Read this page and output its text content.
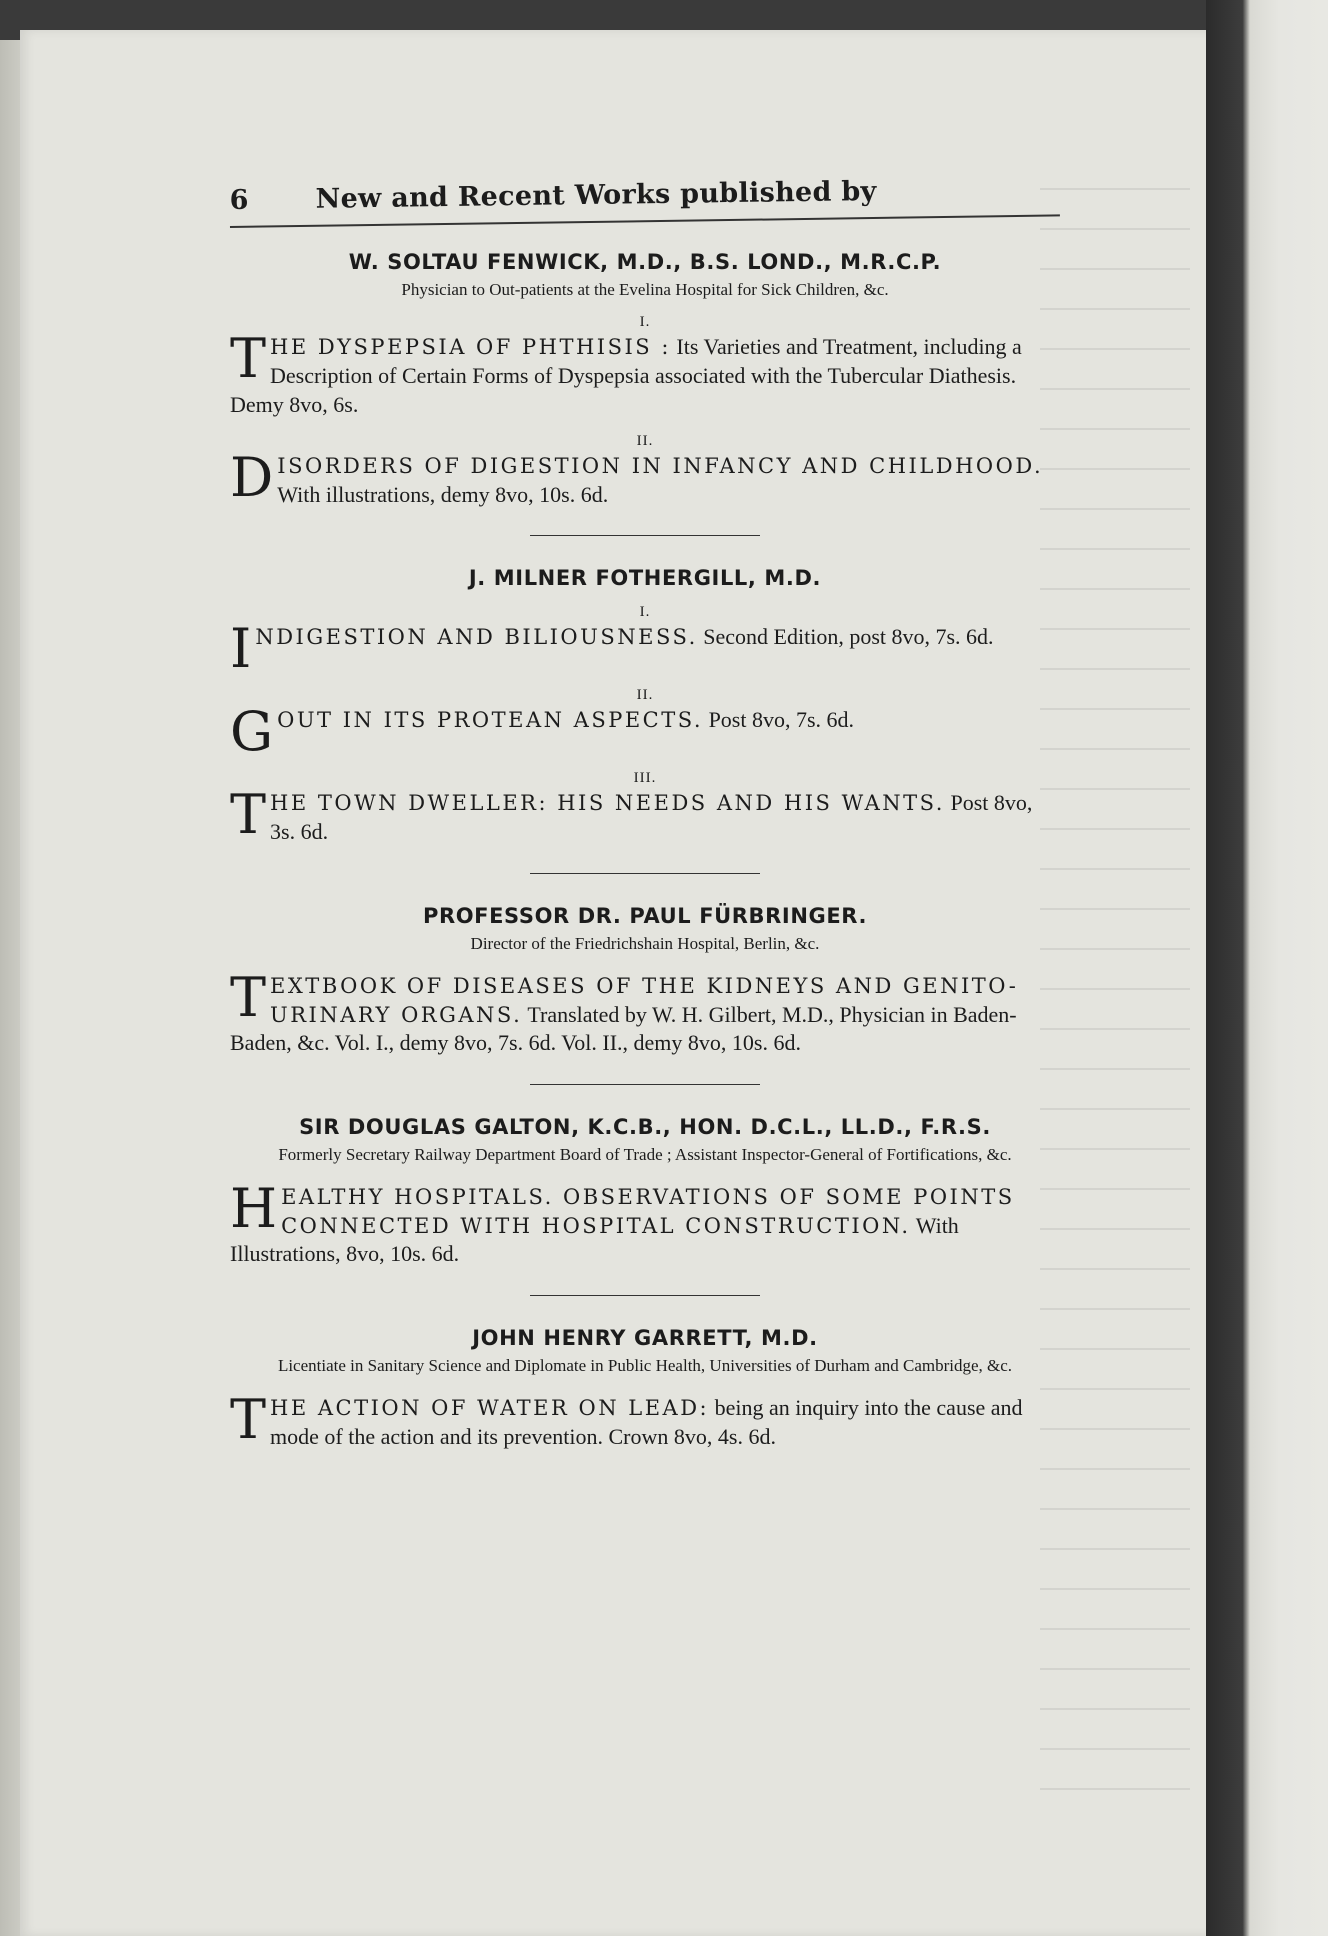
6	New and Recent Works published by
W. SOLTAU FENWICK, M.D., B.S. LOND., M.R.C.P.
Physician to Out-patients at the Evelina Hospital for Sick Children, &c.
I.
THE DYSPEPSIA OF PHTHISIS : Its Varieties and Treatment, including a Description of Certain Forms of Dyspepsia associated with the Tubercular Diathesis. Demy 8vo, 6s.
II.
DISORDERS OF DIGESTION IN INFANCY AND CHILDHOOD. With illustrations, demy 8vo, 10s. 6d.
J. MILNER FOTHERGILL, M.D.
I.
INDIGESTION AND BILIOUSNESS. Second Edition, post 8vo, 7s. 6d.
II.
GOUT IN ITS PROTEAN ASPECTS. Post 8vo, 7s. 6d.
III.
THE TOWN DWELLER: HIS NEEDS AND HIS WANTS. Post 8vo, 3s. 6d.
PROFESSOR DR. PAUL FÜRBRINGER.
Director of the Friedrichshain Hospital, Berlin, &c.
TEXTBOOK OF DISEASES OF THE KIDNEYS AND GENITO-URINARY ORGANS. Translated by W. H. Gilbert, M.D., Physician in Baden-Baden, &c. Vol. I., demy 8vo, 7s. 6d. Vol. II., demy 8vo, 10s. 6d.
SIR DOUGLAS GALTON, K.C.B., HON. D.C.L., LL.D., F.R.S.
Formerly Secretary Railway Department Board of Trade ; Assistant Inspector-General of Fortifications, &c.
HEALTHY HOSPITALS. OBSERVATIONS OF SOME POINTS CONNECTED WITH HOSPITAL CONSTRUCTION. With Illustrations, 8vo, 10s. 6d.
JOHN HENRY GARRETT, M.D.
Licentiate in Sanitary Science and Diplomate in Public Health, Universities of Durham and Cambridge, &c.
THE ACTION OF WATER ON LEAD: being an inquiry into the cause and mode of the action and its prevention. Crown 8vo, 4s. 6d.
